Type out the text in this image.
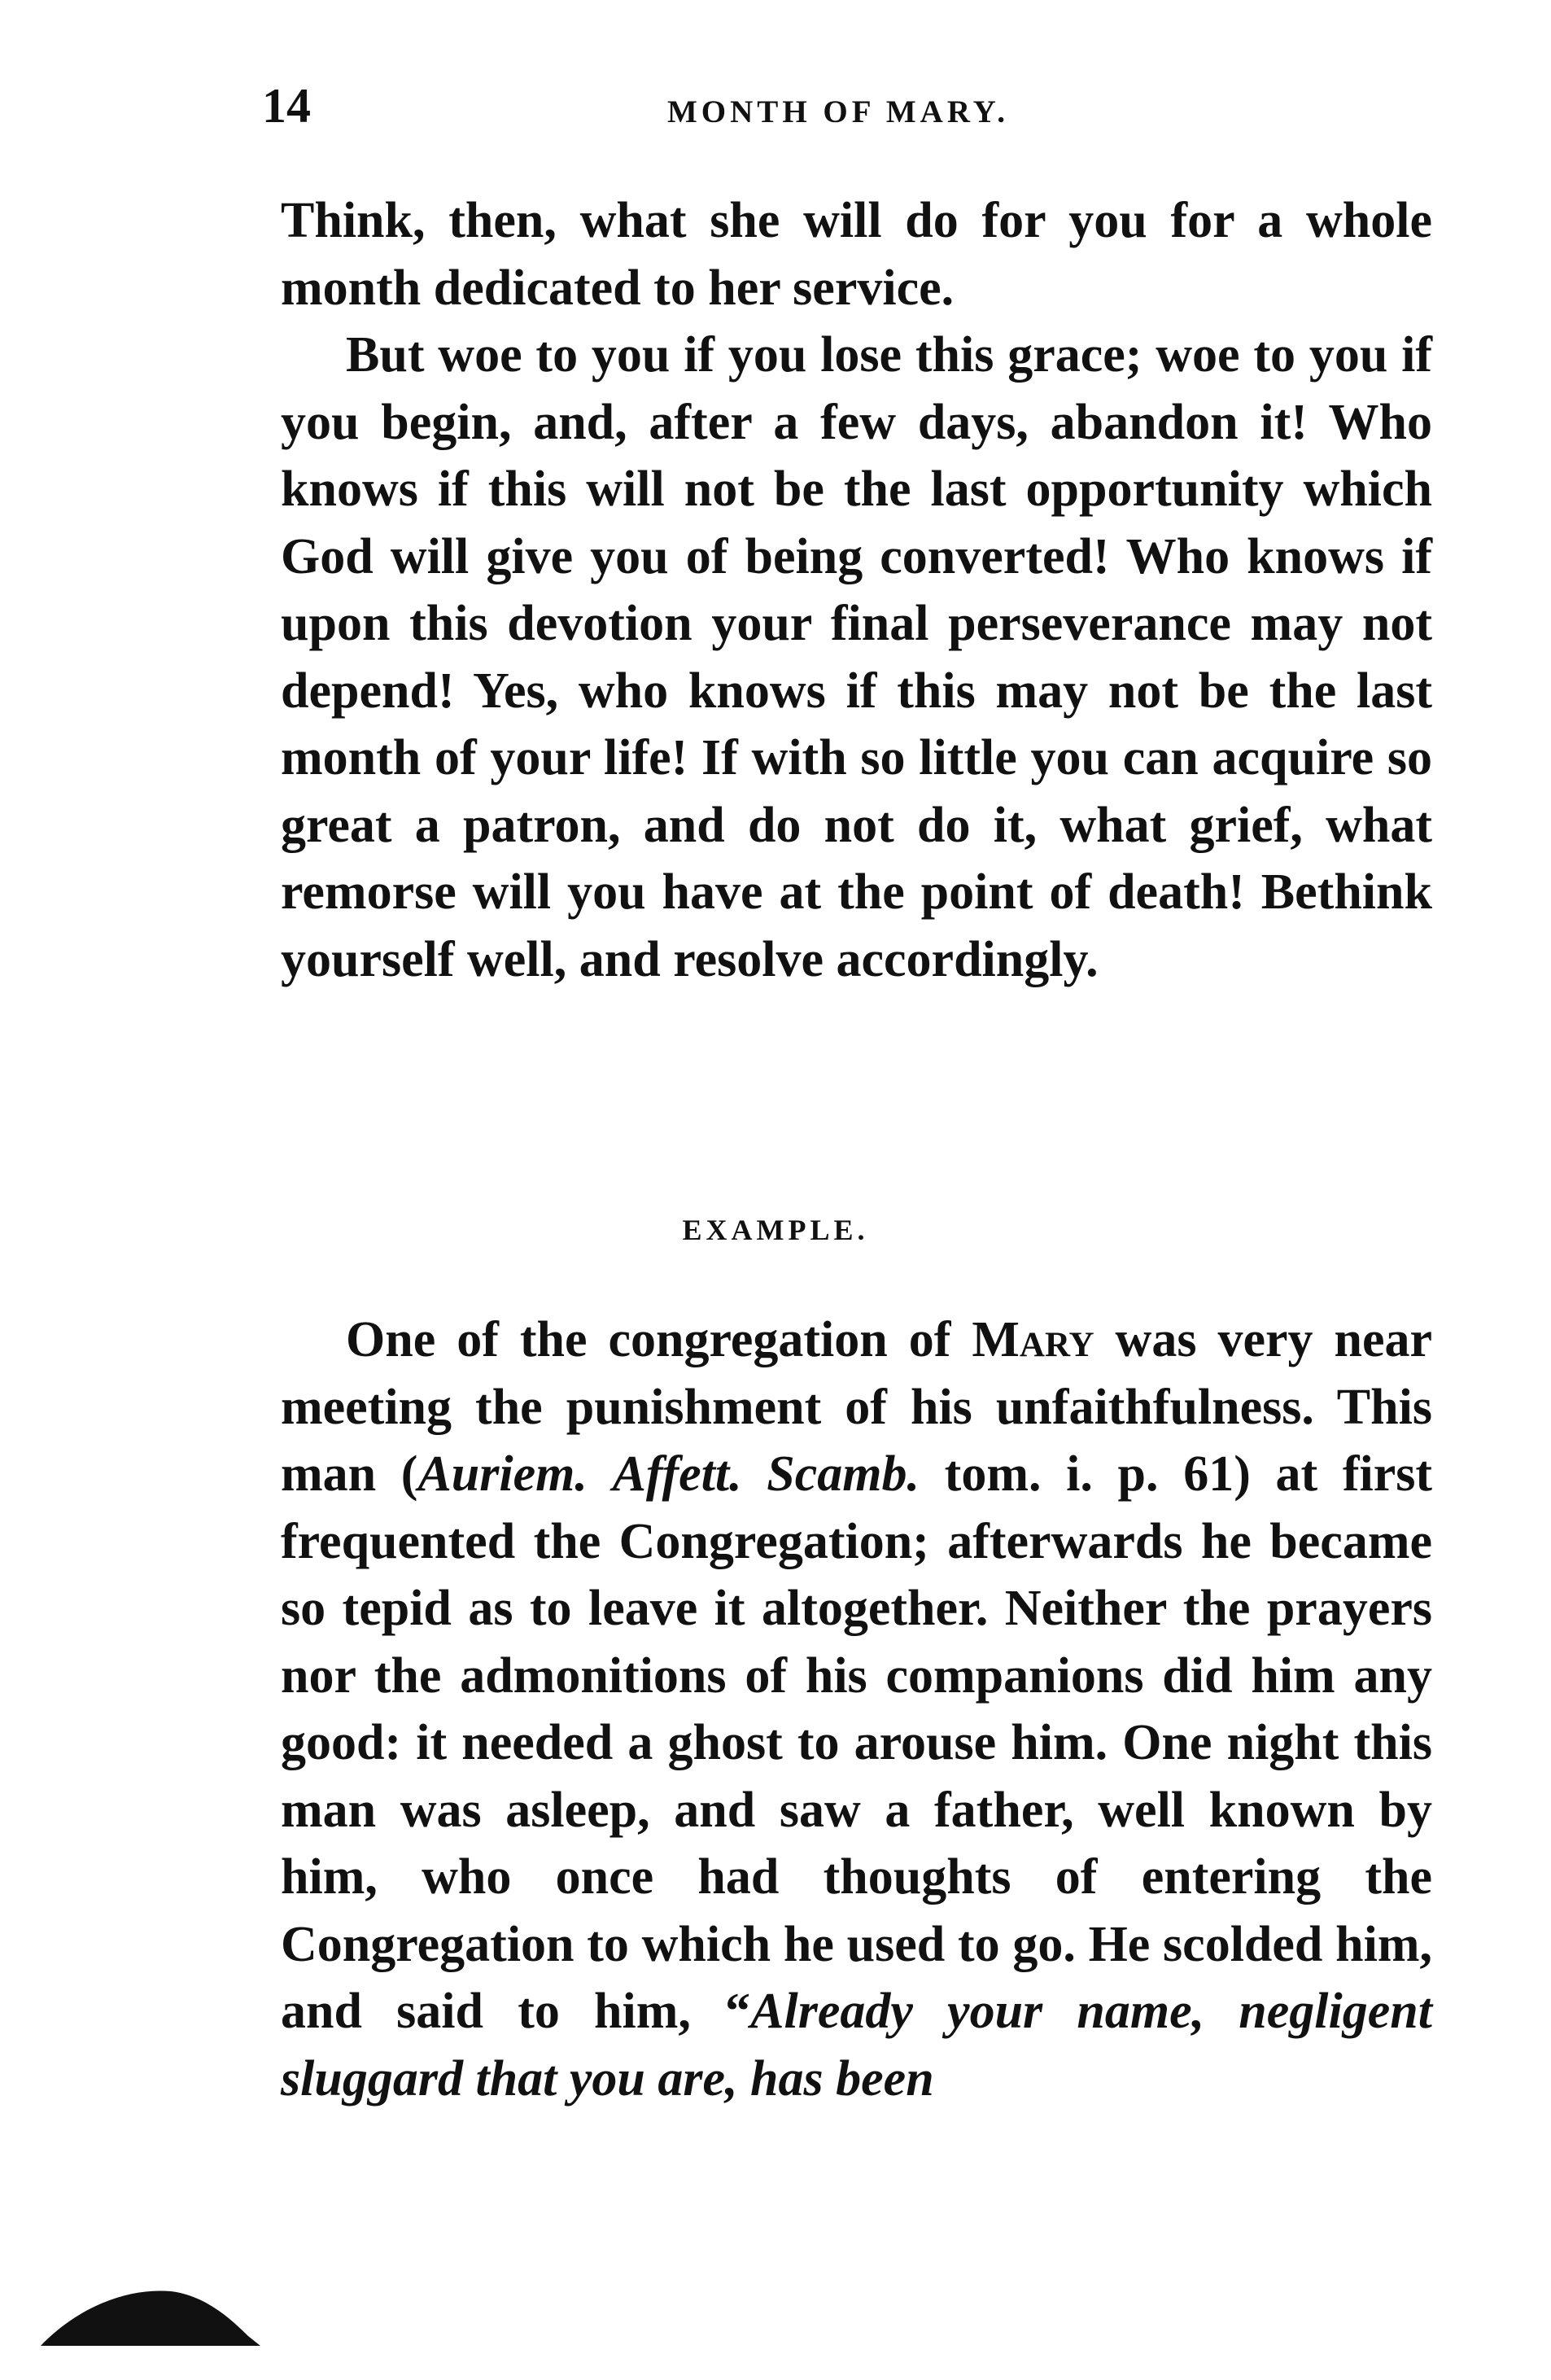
14	MONTH OF MARY.

Think, then, what she will do for you for a whole month dedicated to her service.

But woe to you if you lose this grace; woe to you if you begin, and, after a few days, abandon it! Who knows if this will not be the last opportunity which God will give you of being converted! Who knows if upon this devotion your final perseverance may not depend! Yes, who knows if this may not be the last month of your life! If with so little you can acquire so great a patron, and do not do it, what grief, what remorse will you have at the point of death! Bethink yourself well, and resolve accordingly.

EXAMPLE.

One of the congregation of Mary was very near meeting the punishment of his unfaithfulness. This man (Auriem. Affett. Scamb. tom. i. p. 61) at first frequented the Congregation; afterwards he became so tepid as to leave it altogether. Neither the prayers nor the admonitions of his companions did him any good: it needed a ghost to arouse him. One night this man was asleep, and saw a father, well known by him, who once had thoughts of entering the Congregation to which he used to go. He scolded him, and said to him, “Already your name, negligent sluggard that you are, has been
